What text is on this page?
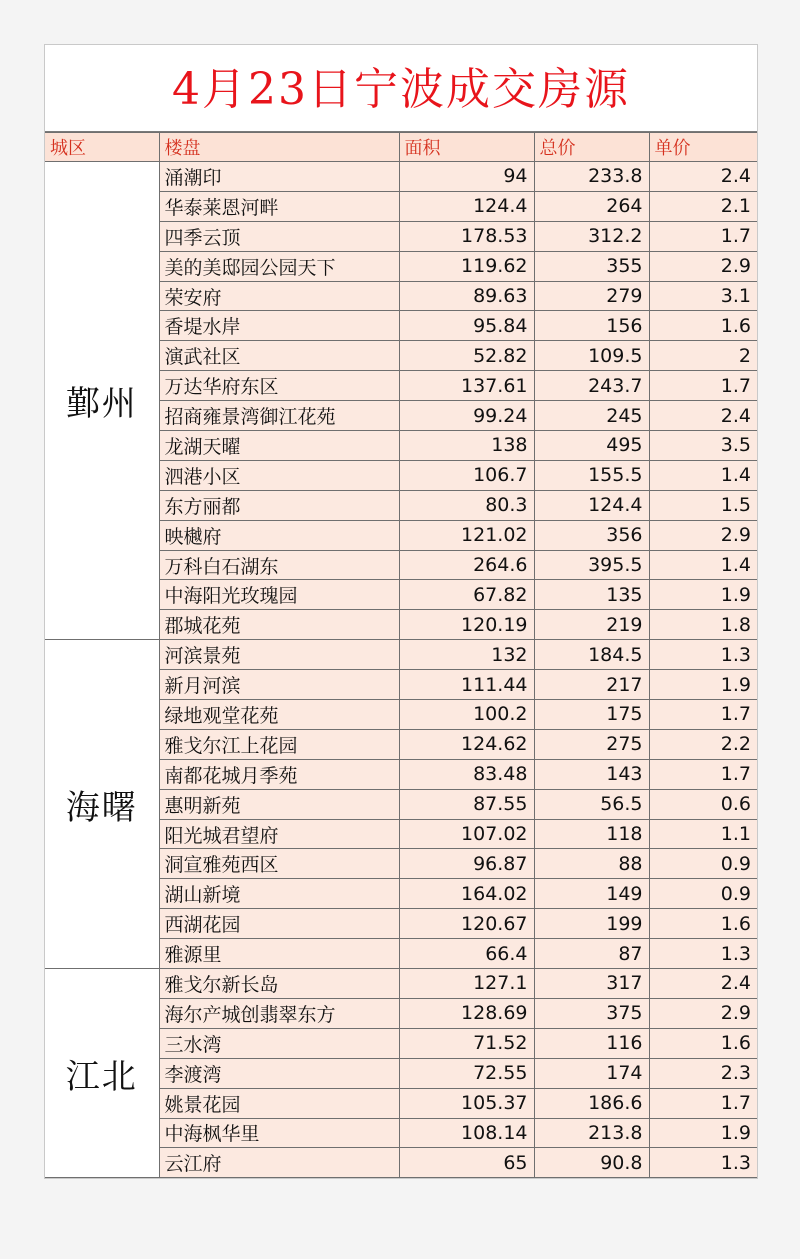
4月23日宁波成交房源
城区	楼盘	面积	总价	单价
鄞州	涌潮印	94	233.8	2.4
	华泰莱恩河畔	124.4	264	2.1
	四季云顶	178.53	312.2	1.7
	美的美邸园公园天下	119.62	355	2.9
	荣安府	89.63	279	3.1
	香堤水岸	95.84	156	1.6
	演武社区	52.82	109.5	2
	万达华府东区	137.61	243.7	1.7
	招商雍景湾御江花苑	99.24	245	2.4
	龙湖天曜	138	495	3.5
	泗港小区	106.7	155.5	1.4
	东方丽都	80.3	124.4	1.5
	映樾府	121.02	356	2.9
	万科白石湖东	264.6	395.5	1.4
	中海阳光玫瑰园	67.82	135	1.9
	郡城花苑	120.19	219	1.8
海曙	河滨景苑	132	184.5	1.3
	新月河滨	111.44	217	1.9
	绿地观堂花苑	100.2	175	1.7
	雅戈尔江上花园	124.62	275	2.2
	南都花城月季苑	83.48	143	1.7
	惠明新苑	87.55	56.5	0.6
	阳光城君望府	107.02	118	1.1
	洞宣雅苑西区	96.87	88	0.9
	湖山新境	164.02	149	0.9
	西湖花园	120.67	199	1.6
	雅源里	66.4	87	1.3
江北	雅戈尔新长岛	127.1	317	2.4
	海尔产城创翡翠东方	128.69	375	2.9
	三水湾	71.52	116	1.6
	李渡湾	72.55	174	2.3
	姚景花园	105.37	186.6	1.7
	中海枫华里	108.14	213.8	1.9
	云江府	65	90.8	1.3
